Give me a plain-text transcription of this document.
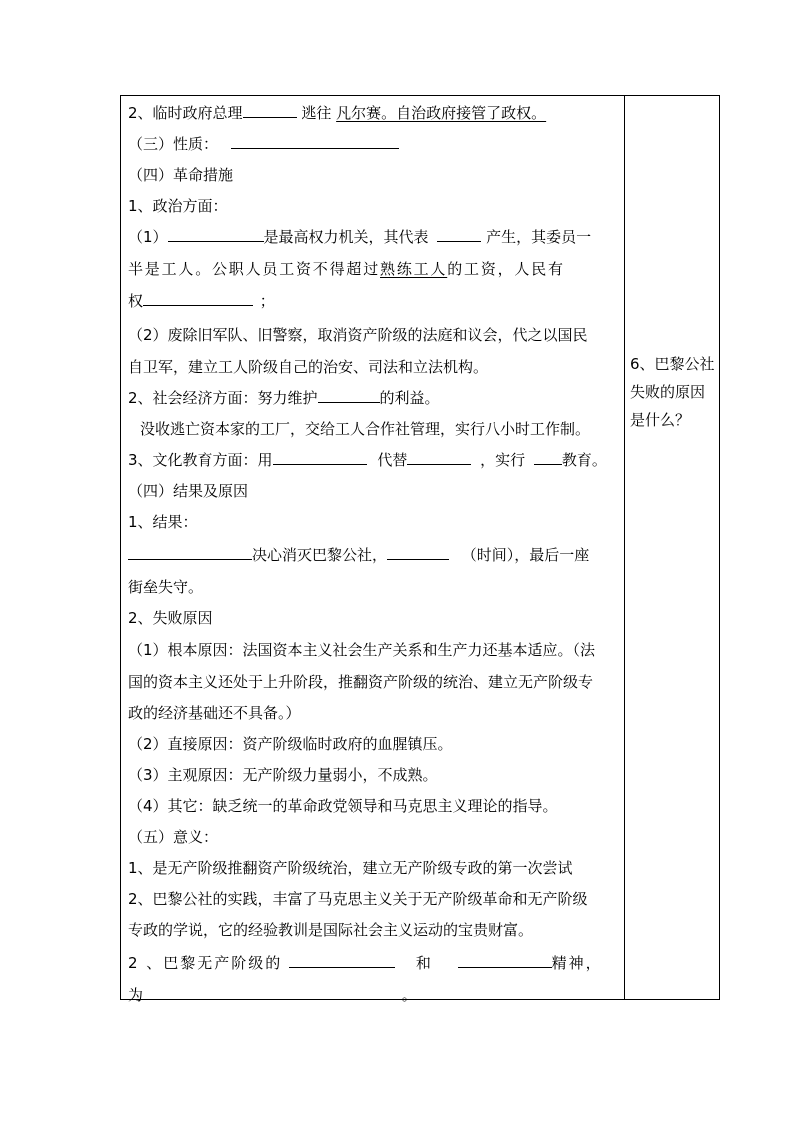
2、临时政府总理	逃往 凡尔赛。自治政府接管了政权。
（三）性质：
（四）革命措施
1、政治方面：
（1）	是最高权力机关，其代表	产生，其委员一
半是工人。公职人员工资不得超过熟练工人的工资，人民有
权	；
（2）废除旧军队、旧警察，取消资产阶级的法庭和议会，代之以国民
自卫军，建立工人阶级自己的治安、司法和立法机构。
2、社会经济方面：努力维护	的利益。
没收逃亡资本家的工厂，交给工人合作社管理，实行八小时工作制。
3、文化教育方面：用	代替	，实行 教育。
（四）结果及原因
1、结果：
决心消灭巴黎公社，	（时间），最后一座
街垒失守。
2、失败原因
（1）根本原因：法国资本主义社会生产关系和生产力还基本适应。（法
国的资本主义还处于上升阶段，推翻资产阶级的统治、建立无产阶级专
政的经济基础还不具备。）
（2）直接原因：资产阶级临时政府的血腥镇压。
（3）主观原因：无产阶级力量弱小，不成熟。
（4）其它：缺乏统一的革命政党领导和马克思主义理论的指导。
（五）意义：
1、是无产阶级推翻资产阶级统治，建立无产阶级专政的第一次尝试
2、巴黎公社的实践，丰富了马克思主义关于无产阶级革命和无产阶级
专政的学说，它的经验教训是国际社会主义运动的宝贵财富。
2 、巴黎无产阶级的	和	精神，
为	。
6、巴黎公社失败的原因是什么？
